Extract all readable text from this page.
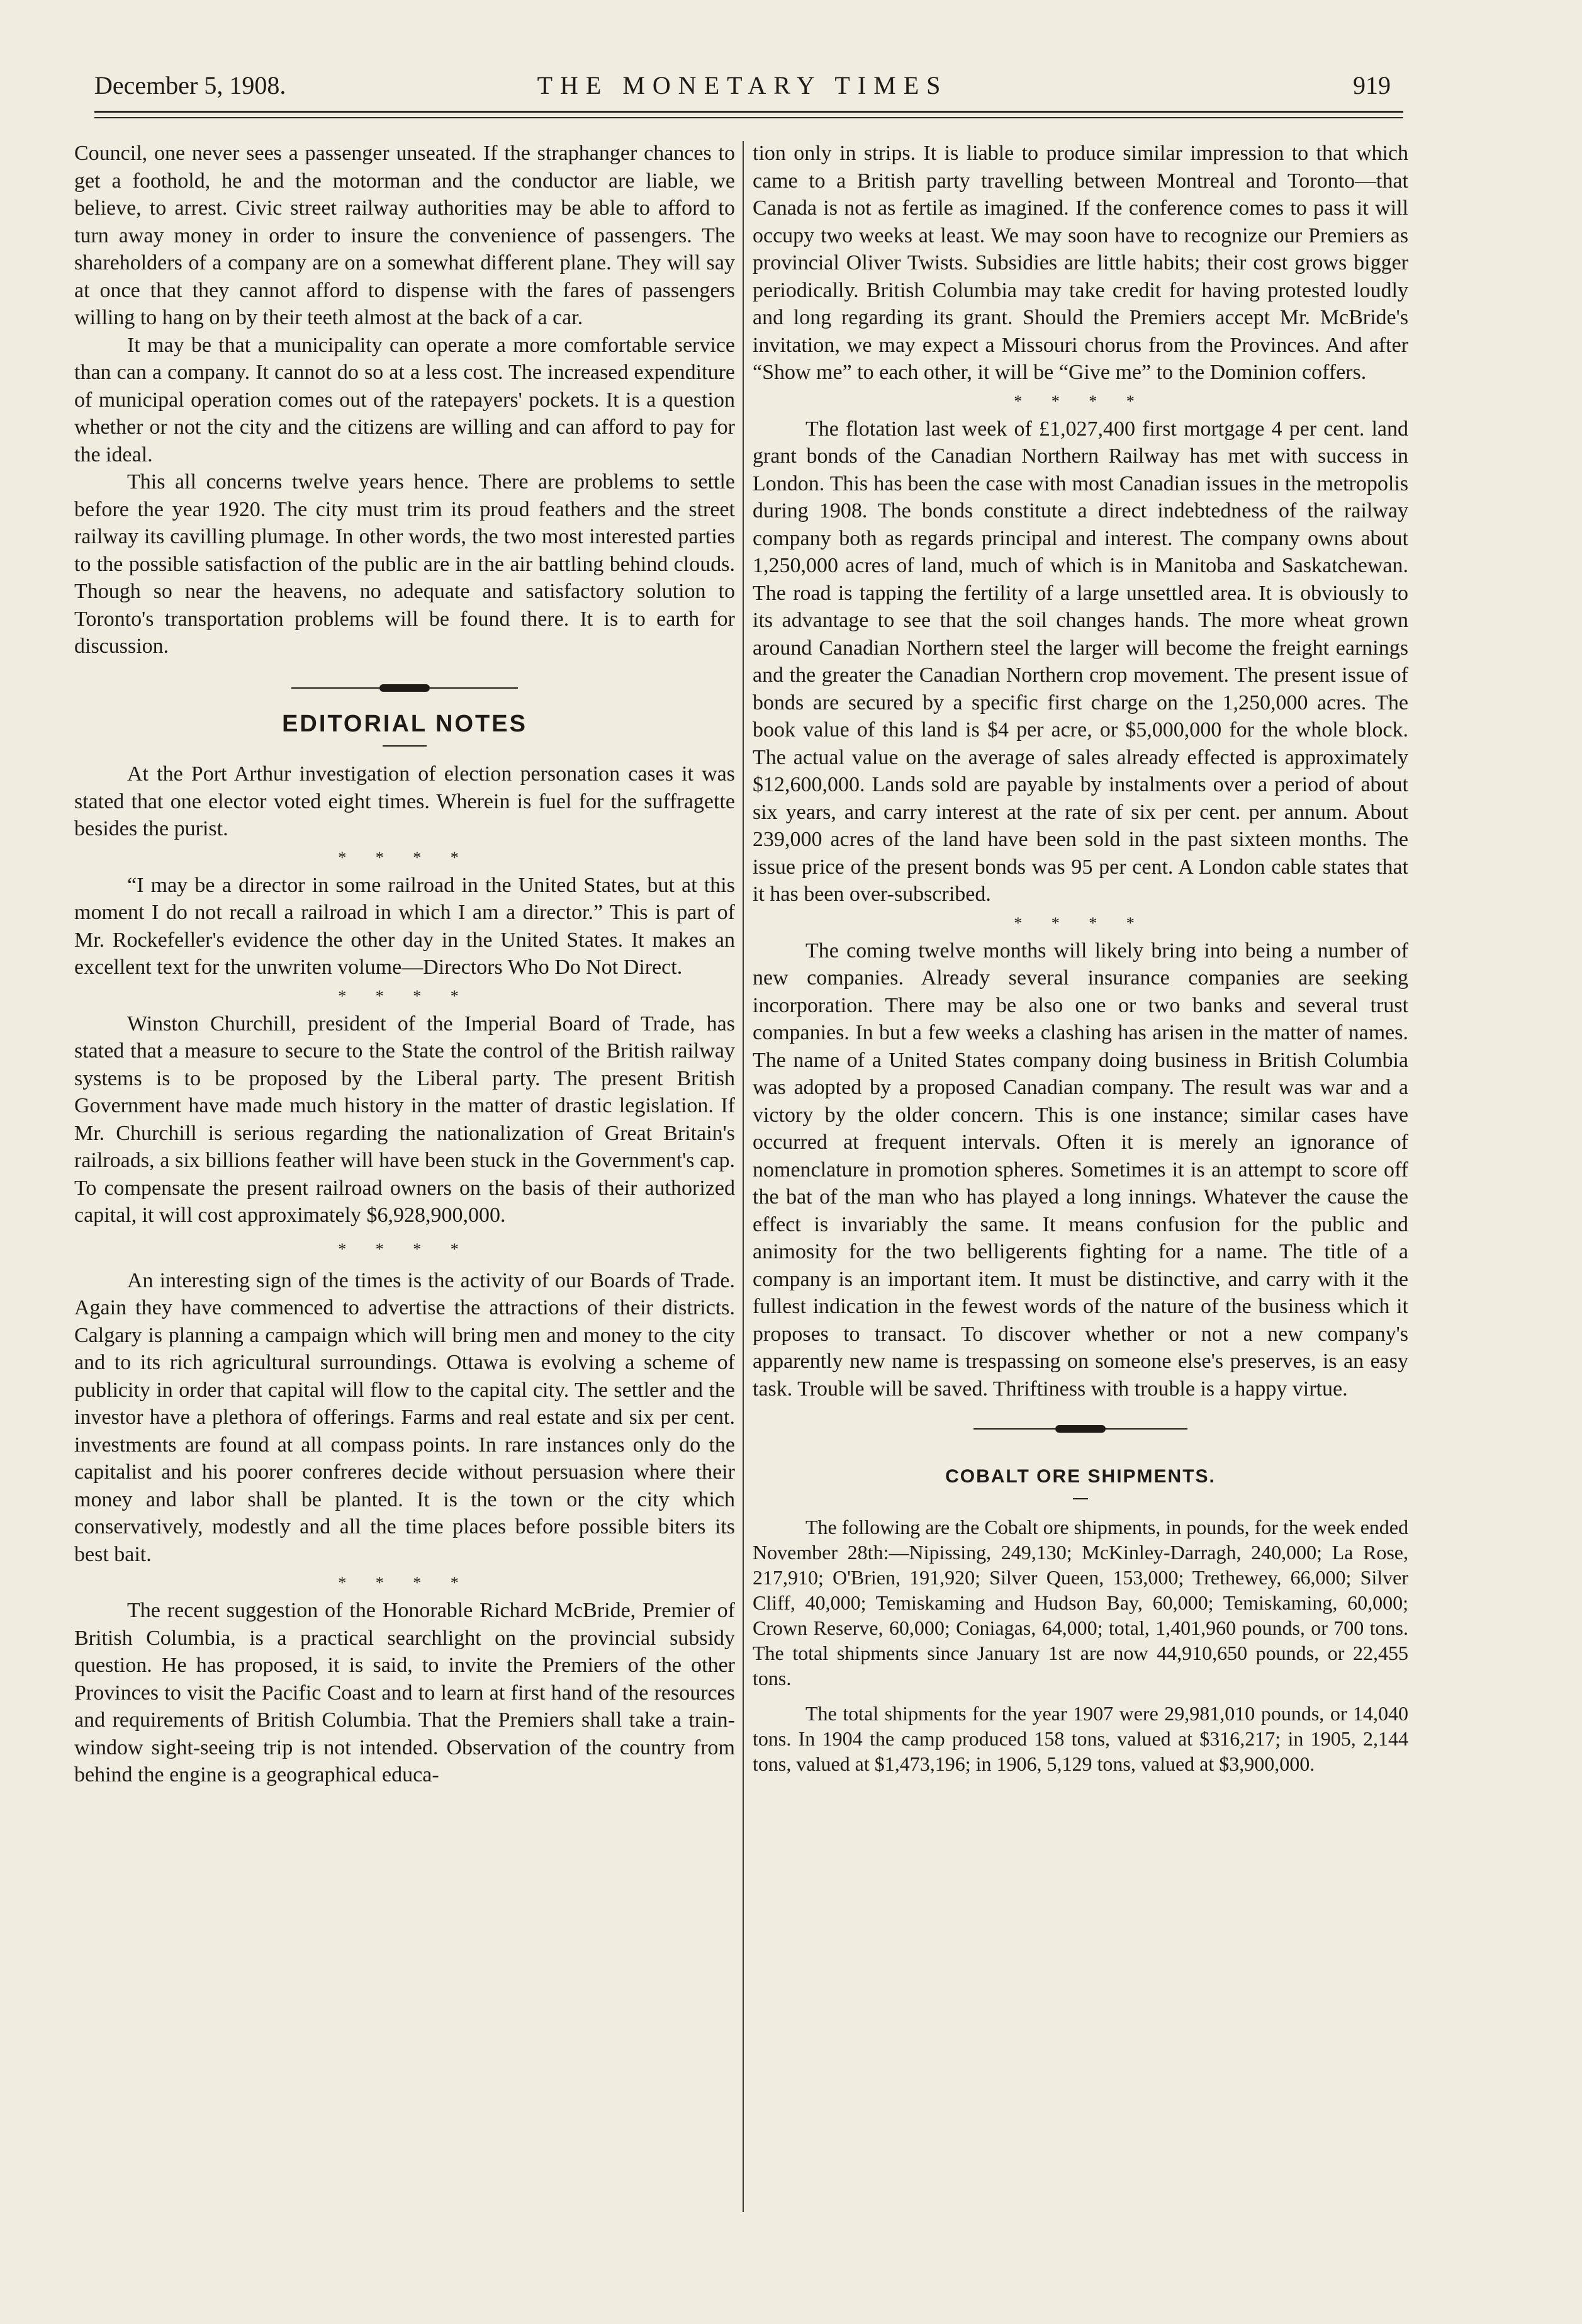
December 5, 1908.	THE MONETARY TIMES	919

Council, one never sees a passenger unseated. If the straphanger chances to get a foothold, he and the motorman and the conductor are liable, we believe, to arrest. Civic street railway authorities may be able to afford to turn away money in order to insure the convenience of passengers. The shareholders of a company are on a somewhat different plane. They will say at once that they cannot afford to dispense with the fares of passengers willing to hang on by their teeth almost at the back of a car.

It may be that a municipality can operate a more comfortable service than can a company. It cannot do so at a less cost. The increased expenditure of municipal operation comes out of the ratepayers' pockets. It is a question whether or not the city and the citizens are willing and can afford to pay for the ideal.

This all concerns twelve years hence. There are problems to settle before the year 1920. The city must trim its proud feathers and the street railway its cavilling plumage. In other words, the two most interested parties to the possible satisfaction of the public are in the air battling behind clouds. Though so near the heavens, no adequate and satisfactory solution to Toronto's transportation problems will be found there. It is to earth for discussion.

EDITORIAL NOTES

At the Port Arthur investigation of election personation cases it was stated that one elector voted eight times. Wherein is fuel for the suffragette besides the purist.

* * * *

“I may be a director in some railroad in the United States, but at this moment I do not recall a railroad in which I am a director.” This is part of Mr. Rockefeller's evidence the other day in the United States. It makes an excellent text for the unwriten volume—Directors Who Do Not Direct.

* * * *

Winston Churchill, president of the Imperial Board of Trade, has stated that a measure to secure to the State the control of the British railway systems is to be proposed by the Liberal party. The present British Government have made much history in the matter of drastic legislation. If Mr. Churchill is serious regarding the nationalization of Great Britain's railroads, a six billions feather will have been stuck in the Government's cap. To compensate the present railroad owners on the basis of their authorized capital, it will cost approximately $6,928,900,000.

* * * *

An interesting sign of the times is the activity of our Boards of Trade. Again they have commenced to advertise the attractions of their districts. Calgary is planning a campaign which will bring men and money to the city and to its rich agricultural surroundings. Ottawa is evolving a scheme of publicity in order that capital will flow to the capital city. The settler and the investor have a plethora of offerings. Farms and real estate and six per cent. investments are found at all compass points. In rare instances only do the capitalist and his poorer confreres decide without persuasion where their money and labor shall be planted. It is the town or the city which conservatively, modestly and all the time places before possible biters its best bait.

* * * *

The recent suggestion of the Honorable Richard McBride, Premier of British Columbia, is a practical searchlight on the provincial subsidy question. He has proposed, it is said, to invite the Premiers of the other Provinces to visit the Pacific Coast and to learn at first hand of the resources and requirements of British Columbia. That the Premiers shall take a train-window sight-seeing trip is not intended. Observation of the country from behind the engine is a geographical educa-

tion only in strips. It is liable to produce similar impression to that which came to a British party travelling between Montreal and Toronto—that Canada is not as fertile as imagined. If the conference comes to pass it will occupy two weeks at least. We may soon have to recognize our Premiers as provincial Oliver Twists. Subsidies are little habits; their cost grows bigger periodically. British Columbia may take credit for having protested loudly and long regarding its grant. Should the Premiers accept Mr. McBride's invitation, we may expect a Missouri chorus from the Provinces. And after “Show me” to each other, it will be “Give me” to the Dominion coffers.

* * * *

The flotation last week of £1,027,400 first mortgage 4 per cent. land grant bonds of the Canadian Northern Railway has met with success in London. This has been the case with most Canadian issues in the metropolis during 1908. The bonds constitute a direct indebtedness of the railway company both as regards principal and interest. The company owns about 1,250,000 acres of land, much of which is in Manitoba and Saskatchewan. The road is tapping the fertility of a large unsettled area. It is obviously to its advantage to see that the soil changes hands. The more wheat grown around Canadian Northern steel the larger will become the freight earnings and the greater the Canadian Northern crop movement. The present issue of bonds are secured by a specific first charge on the 1,250,000 acres. The book value of this land is $4 per acre, or $5,000,000 for the whole block. The actual value on the average of sales already effected is approximately $12,600,000. Lands sold are payable by instalments over a period of about six years, and carry interest at the rate of six per cent. per annum. About 239,000 acres of the land have been sold in the past sixteen months. The issue price of the present bonds was 95 per cent. A London cable states that it has been over-subscribed.

* * * *

The coming twelve months will likely bring into being a number of new companies. Already several insurance companies are seeking incorporation. There may be also one or two banks and several trust companies. In but a few weeks a clashing has arisen in the matter of names. The name of a United States company doing business in British Columbia was adopted by a proposed Canadian company. The result was war and a victory by the older concern. This is one instance; similar cases have occurred at frequent intervals. Often it is merely an ignorance of nomenclature in promotion spheres. Sometimes it is an attempt to score off the bat of the man who has played a long innings. Whatever the cause the effect is invariably the same. It means confusion for the public and animosity for the two belligerents fighting for a name. The title of a company is an important item. It must be distinctive, and carry with it the fullest indication in the fewest words of the nature of the business which it proposes to transact. To discover whether or not a new company's apparently new name is trespassing on someone else's preserves, is an easy task. Trouble will be saved. Thriftiness with trouble is a happy virtue.

COBALT ORE SHIPMENTS.

The following are the Cobalt ore shipments, in pounds, for the week ended November 28th:—Nipissing, 249,130; McKinley-Darragh, 240,000; La Rose, 217,910; O'Brien, 191,920; Silver Queen, 153,000; Trethewey, 66,000; Silver Cliff, 40,000; Temiskaming and Hudson Bay, 60,000; Temiskaming, 60,000; Crown Reserve, 60,000; Coniagas, 64,000; total, 1,401,960 pounds, or 700 tons. The total shipments since January 1st are now 44,910,650 pounds, or 22,455 tons.

The total shipments for the year 1907 were 29,981,010 pounds, or 14,040 tons. In 1904 the camp produced 158 tons, valued at $316,217; in 1905, 2,144 tons, valued at $1,473,196; in 1906, 5,129 tons, valued at $3,900,000.
